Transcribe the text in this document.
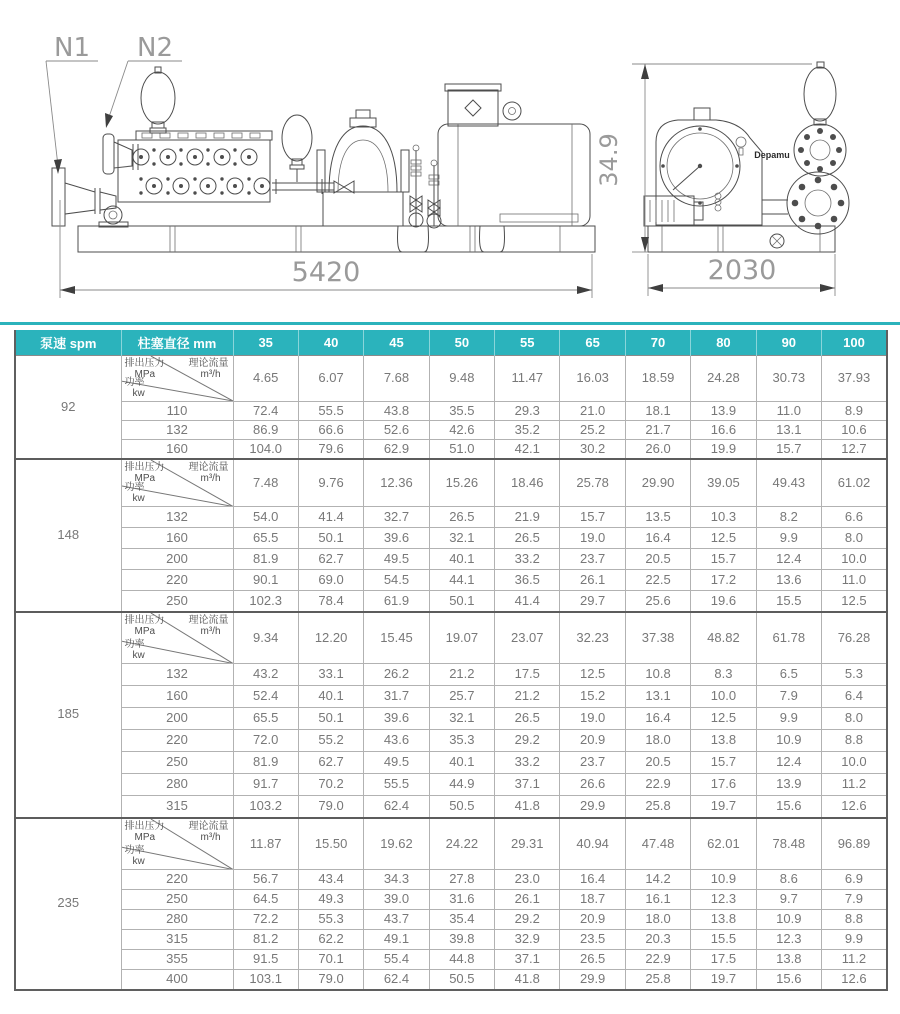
N1 N2
5420
Depamu
34.9
2030
泵速 spm	柱塞直径 mm	35	40	45	50	55	65	70	80	90	100
92	
排出压力
MPa
理论流量
m³/h
功率
kw
	4.65	6.07	7.68	9.48	11.47	16.03	18.59	24.28	30.73	37.93
	110	72.4	55.5	43.8	35.5	29.3	21.0	18.1	13.9	11.0	8.9
	132	86.9	66.6	52.6	42.6	35.2	25.2	21.7	16.6	13.1	10.6
	160	104.0	79.6	62.9	51.0	42.1	30.2	26.0	19.9	15.7	12.7
148	
排出压力
MPa
理论流量
m³/h
功率
kw
	7.48	9.76	12.36	15.26	18.46	25.78	29.90	39.05	49.43	61.02
	132	54.0	41.4	32.7	26.5	21.9	15.7	13.5	10.3	8.2	6.6
	160	65.5	50.1	39.6	32.1	26.5	19.0	16.4	12.5	9.9	8.0
	200	81.9	62.7	49.5	40.1	33.2	23.7	20.5	15.7	12.4	10.0
	220	90.1	69.0	54.5	44.1	36.5	26.1	22.5	17.2	13.6	11.0
	250	102.3	78.4	61.9	50.1	41.4	29.7	25.6	19.6	15.5	12.5
185	
排出压力
MPa
理论流量
m³/h
功率
kw
	9.34	12.20	15.45	19.07	23.07	32.23	37.38	48.82	61.78	76.28
	132	43.2	33.1	26.2	21.2	17.5	12.5	10.8	8.3	6.5	5.3
	160	52.4	40.1	31.7	25.7	21.2	15.2	13.1	10.0	7.9	6.4
	200	65.5	50.1	39.6	32.1	26.5	19.0	16.4	12.5	9.9	8.0
	220	72.0	55.2	43.6	35.3	29.2	20.9	18.0	13.8	10.9	8.8
	250	81.9	62.7	49.5	40.1	33.2	23.7	20.5	15.7	12.4	10.0
	280	91.7	70.2	55.5	44.9	37.1	26.6	22.9	17.6	13.9	11.2
	315	103.2	79.0	62.4	50.5	41.8	29.9	25.8	19.7	15.6	12.6
235	
排出压力
MPa
理论流量
m³/h
功率
kw
	11.87	15.50	19.62	24.22	29.31	40.94	47.48	62.01	78.48	96.89
	220	56.7	43.4	34.3	27.8	23.0	16.4	14.2	10.9	8.6	6.9
	250	64.5	49.3	39.0	31.6	26.1	18.7	16.1	12.3	9.7	7.9
	280	72.2	55.3	43.7	35.4	29.2	20.9	18.0	13.8	10.9	8.8
	315	81.2	62.2	49.1	39.8	32.9	23.5	20.3	15.5	12.3	9.9
	355	91.5	70.1	55.4	44.8	37.1	26.5	22.9	17.5	13.8	11.2
	400	103.1	79.0	62.4	50.5	41.8	29.9	25.8	19.7	15.6	12.6
